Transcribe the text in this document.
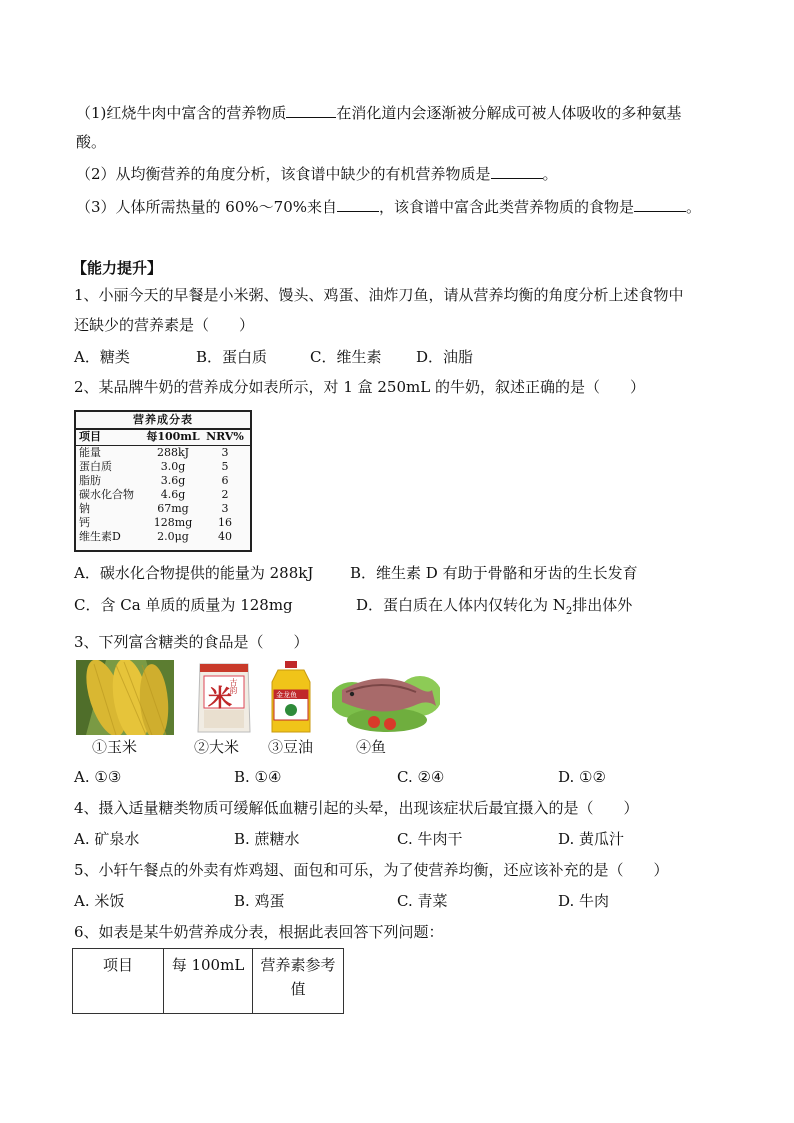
（1)红烧牛肉中富含的营养物质	在消化道内会逐渐被分解成可被人体吸收的多种氨基
酸。
（2）从均衡营养的角度分析，该食谱中缺少的有机营养物质是	。
（3）人体所需热量的 60%～70%来自	，该食谱中富含此类营养物质的食物是	。
【能力提升】
1、小丽今天的早餐是小米粥、馒头、鸡蛋、油炸刀鱼，请从营养均衡的角度分析上述食物中
还缺少的营养素是（　　）
A．糖类	B．蛋白质	C．维生素 D．油脂
2、某品牌牛奶的营养成分如表所示，对 1 盒 250mL 的牛奶，叙述正确的是（　　）
营养成分表
项目	每100mL NRV%
能量	288kJ	3
蛋白质	3.0g	5
脂肪	3.6g	6
碳水化合物	4.6g	2
钠	67mg	3
钙	128mg	16
维生素D	2.0μg	40
A．碳水化合物提供的能量为 288kJ B．维生素 D 有助于骨骼和牙齿的生长发育
C．含 Ca 单质的质量为 128mg	D．蛋白质在人体内仅转化为 $N_2$排出体外
3、下列富含糖类的食品是（　　）
米
古韵
金龙鱼
①玉米	②大米 ③豆油	④鱼
A. ①③	B. ①④	C. ②④	D. ①②
4、摄入适量糖类物质可缓解低血糖引起的头晕，出现该症状后最宜摄入的是（　　）
A. 矿泉水	B. 蔗糖水	C. 牛肉干	D. 黄瓜汁
5、小轩午餐点的外卖有炸鸡翅、面包和可乐，为了使营养均衡，还应该补充的是（　　）
A. 米饭	B. 鸡蛋	C. 青菜	D. 牛肉
6、如表是某牛奶营养成分表，根据此表回答下列问题：
项目	每 100mL	营养素参考值
